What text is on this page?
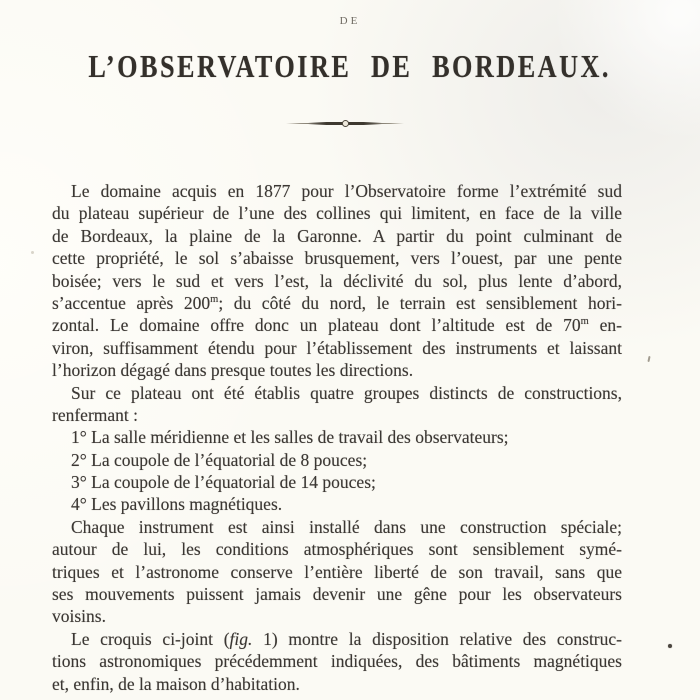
DE
L’OBSERVATOIRE DE BORDEAUX.
Le domaine acquis en 1877 pour l’Observatoire forme l’extrémité sud
du plateau supérieur de l’une des collines qui limitent, en face de la ville
de Bordeaux, la plaine de la Garonne. A partir du point culminant de
cette propriété, le sol s’abaisse brusquement, vers l’ouest, par une pente
boisée; vers le sud et vers l’est, la déclivité du sol, plus lente d’abord,
s’accentue après 200$^m$; du côté du nord, le terrain est sensiblement hori-
zontal. Le domaine offre donc un plateau dont l’altitude est de 70$^m$ en-
viron, suffisamment étendu pour l’établissement des instruments et laissant
l’horizon dégagé dans presque toutes les directions.
Sur ce plateau ont été établis quatre groupes distincts de constructions,
renfermant :
1° La salle méridienne et les salles de travail des observateurs;
2° La coupole de l’équatorial de 8 pouces;
3° La coupole de l’équatorial de 14 pouces;
4° Les pavillons magnétiques.
Chaque instrument est ainsi installé dans une construction spéciale;
autour de lui, les conditions atmosphériques sont sensiblement symé-
triques et l’astronome conserve l’entière liberté de son travail, sans que
ses mouvements puissent jamais devenir une gêne pour les observateurs
voisins.
Le croquis ci-joint (fig. 1) montre la disposition relative des construc-
tions astronomiques précédemment indiquées, des bâtiments magnétiques
et, enfin, de la maison d’habitation.
